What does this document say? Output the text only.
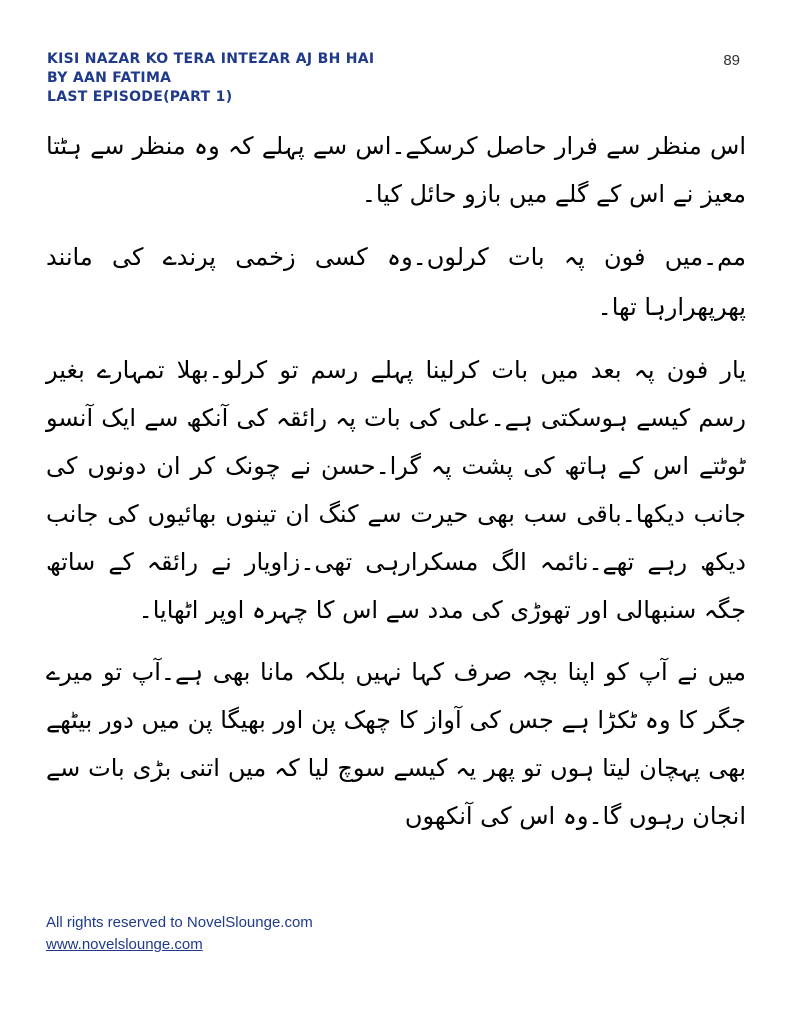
KISI NAZAR KO TERA INTEZAR AJ BH HAI
BY AAN FATIMA
LAST EPISODE(PART 1)
89

اس منظر سے فرار حاصل کرسکے۔اس سے پہلے کہ وہ منظر سے ہٹتا معیز نے اس کے گلے میں بازو حائل کیا۔

مم۔میں فون پہ بات کرلوں۔وہ کسی زخمی پرندے کی مانند پھرپھرارہا تھا۔

یار فون پہ بعد میں بات کرلینا پہلے رسم تو کرلو۔بھلا تمہارے بغیر رسم کیسے ہوسکتی ہے۔علی کی بات پہ رائقہ کی آنکھ سے ایک آنسو ٹوٹتے اس کے ہاتھ کی پشت پہ گرا۔حسن نے چونک کر ان دونوں کی جانب دیکھا۔باقی سب بھی حیرت سے کنگ ان تینوں بھائیوں کی جانب دیکھ رہے تھے۔نائمہ الگ مسکرارہی تھی۔زاویار نے رائقہ کے ساتھ جگہ سنبھالی اور تھوڑی کی مدد سے اس کا چہرہ اوپر اٹھایا۔

میں نے آپ کو اپنا بچہ صرف کہا نہیں بلکہ مانا بھی ہے۔آپ تو میرے جگر کا وہ ٹکڑا ہے جس کی آواز کا چھک پن اور بھیگا پن میں دور بیٹھے بھی پہچان لیتا ہوں تو پھر یہ کیسے سوچ لیا کہ میں اتنی بڑی بات سے انجان رہوں گا۔وہ اس کی آنکھوں

All rights reserved to NovelSlounge.com
www.novelslounge.com
